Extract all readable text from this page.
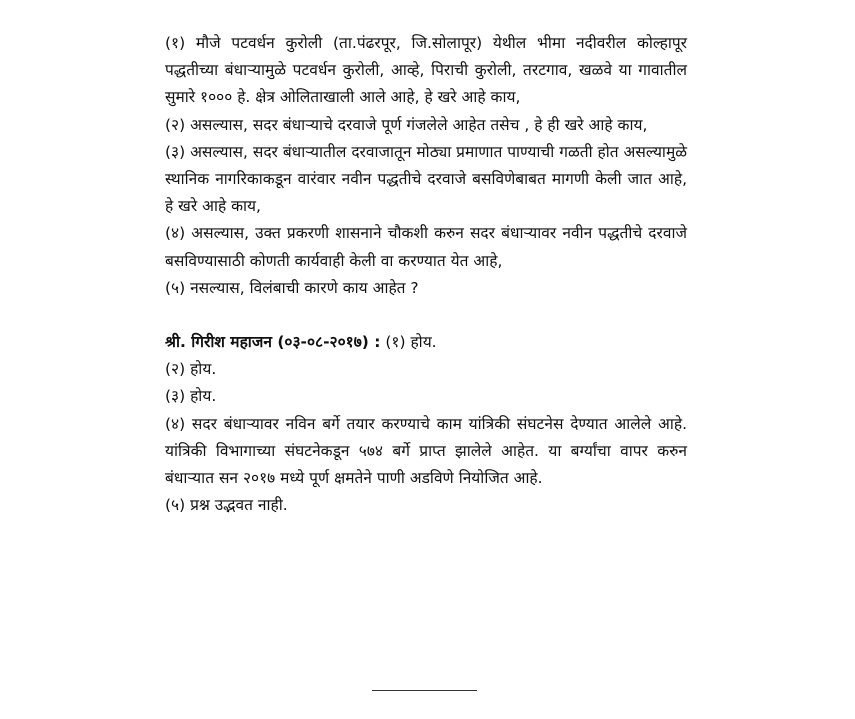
(१) मौजे पटवर्धन कुरोली (ता.पंढरपूर, जि.सोलापूर) येथील भीमा नदीवरील कोल्हापूर पद्धतीच्या बंधाऱ्यामुळे पटवर्धन कुरोली, आव्हे, पिराची कुरोली, तरटगाव, खळवे या गावातील सुमारे १००० हे. क्षेत्र ओलिताखाली आले आहे, हे खरे आहे काय,

(२) असल्यास, सदर बंधाऱ्याचे दरवाजे पूर्ण गंजलेले आहेत तसेच , हे ही खरे आहे काय,

(३) असल्यास, सदर बंधाऱ्यातील दरवाजातून मोठ्या प्रमाणात पाण्याची गळती होत असल्यामुळे स्थानिक नागरिकाकडून वारंवार नवीन पद्धतीचे दरवाजे बसविणेबाबत मागणी केली जात आहे, हे खरे आहे काय,

(४) असल्यास, उक्त प्रकरणी शासनाने चौकशी करुन सदर बंधाऱ्यावर नवीन पद्धतीचे दरवाजे बसविण्यासाठी कोणती कार्यवाही केली वा करण्यात येत आहे,

(५) नसल्यास, विलंबाची कारणे काय आहेत ?

श्री. गिरीश महाजन (०३-०८-२०१७) : (१) होय.

(२) होय.

(३) होय.

(४) सदर बंधाऱ्यावर नविन बर्गे तयार करण्याचे काम यांत्रिकी संघटनेस देण्यात आलेले आहे. यांत्रिकी विभागाच्या संघटनेकडून ५७४ बर्गे प्राप्त झालेले आहेत. या बर्ग्यांचा वापर करुन बंधाऱ्यात सन २०१७ मध्ये पूर्ण क्षमतेने पाणी अडविणे नियोजित आहे.

(५) प्रश्न उद्भवत नाही.
